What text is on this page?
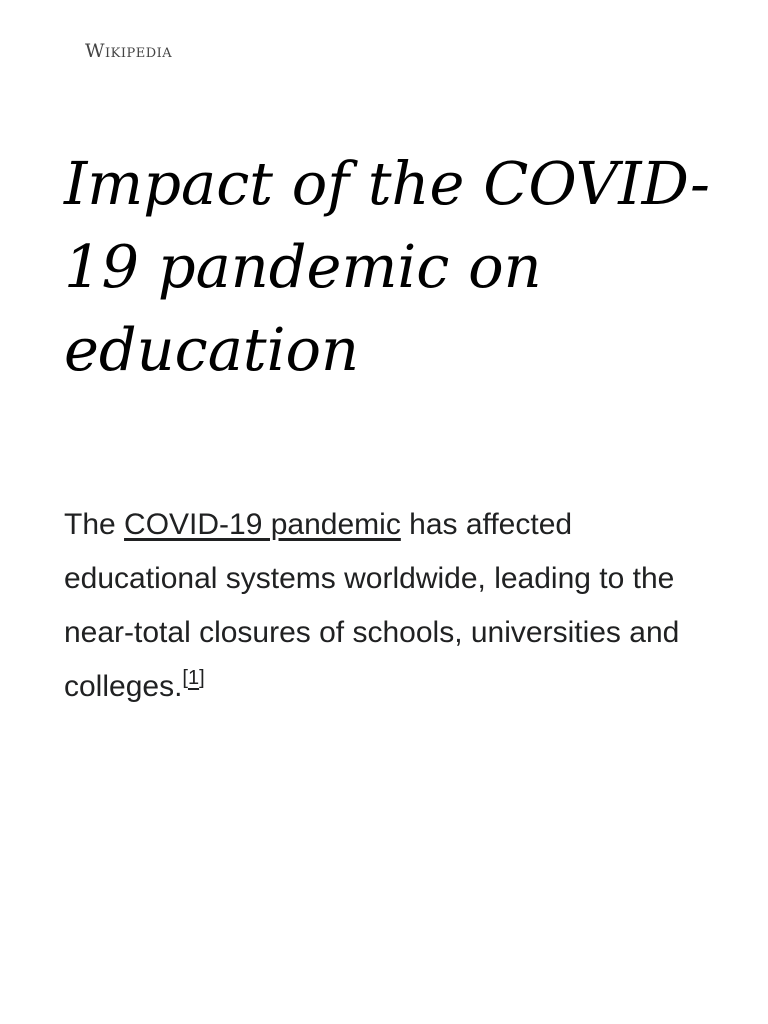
Wikipedia
Impact of the COVID-19 pandemic on education

The COVID-19 pandemic has affected educational systems worldwide, leading to the near-total closures of schools, universities and colleges.[1]
